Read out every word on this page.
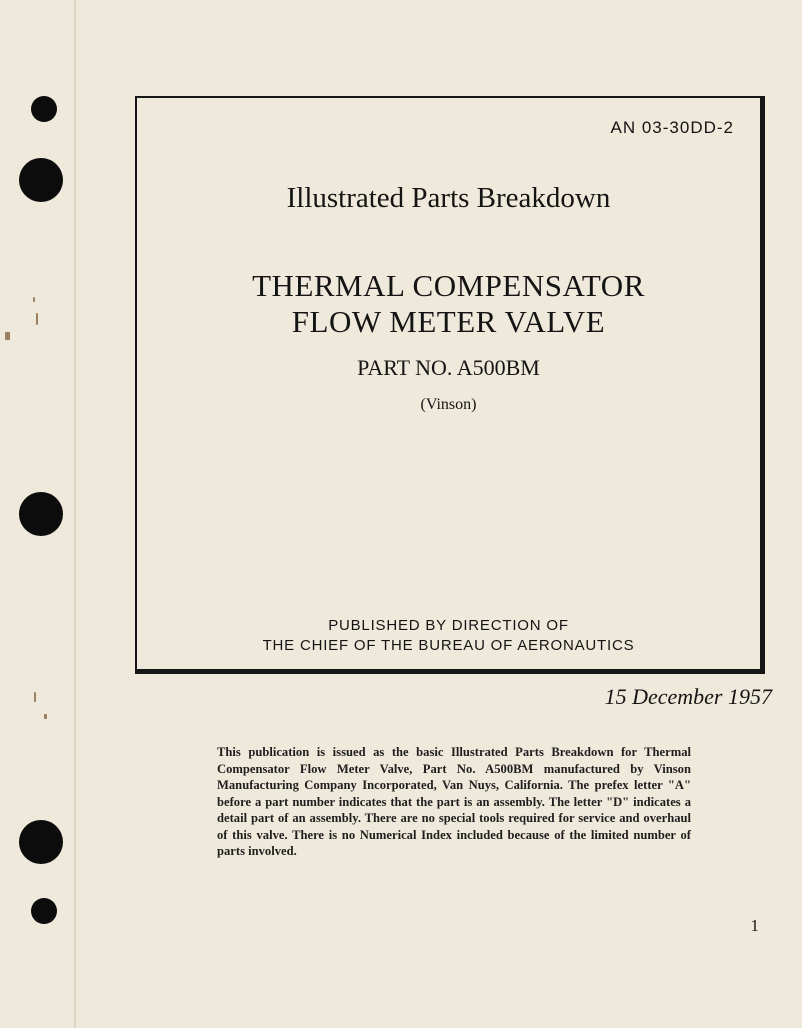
AN 03-30DD-2
Illustrated Parts Breakdown
THERMAL COMPENSATOR
FLOW METER VALVE
PART NO. A500BM
(Vinson)
PUBLISHED BY DIRECTION OF
THE CHIEF OF THE BUREAU OF AERONAUTICS
15 December 1957
This publication is issued as the basic Illustrated Parts Breakdown for Thermal Compensator Flow Meter Valve, Part No. A500BM manufactured by Vinson Manufacturing Company Incorporated, Van Nuys, California. The prefex letter "A" before a part number indicates that the part is an assembly. The letter "D" indicates a detail part of an assembly. There are no special tools required for service and overhaul of this valve. There is no Numerical Index included because of the limited number of parts involved.
1
